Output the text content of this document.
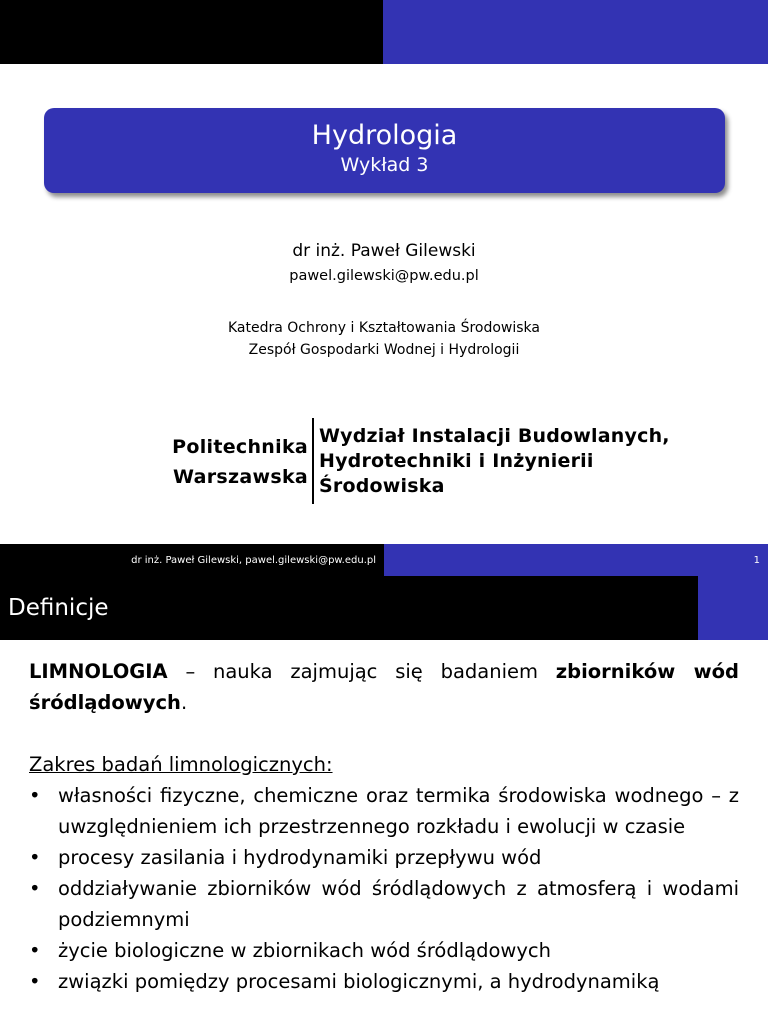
Hydrologia
Wykład 3
dr inż. Paweł Gilewski
pawel.gilewski@pw.edu.pl
Katedra Ochrony i Kształtowania Środowiska
Zespół Gospodarki Wodnej i Hydrologii
Politechnika
Warszawska
Wydział Instalacji Budowlanych,
Hydrotechniki i Inżynierii
Środowiska
dr inż. Paweł Gilewski, pawel.gilewski@pw.edu.pl	1
Definicje

LIMNOLOGIA – nauka zajmując się badaniem zbiorników wód śródlądowych.

Zakres badań limnologicznych:

• własności fizyczne, chemiczne oraz termika środowiska wodnego – z uwzględnieniem ich przestrzennego rozkładu i ewolucji w czasie
• procesy zasilania i hydrodynamiki przepływu wód
• oddziaływanie zbiorników wód śródlądowych z atmosferą i wodami podziemnymi
• życie biologiczne w zbiornikach wód śródlądowych
• związki pomiędzy procesami biologicznymi, a hydrodynamiką
